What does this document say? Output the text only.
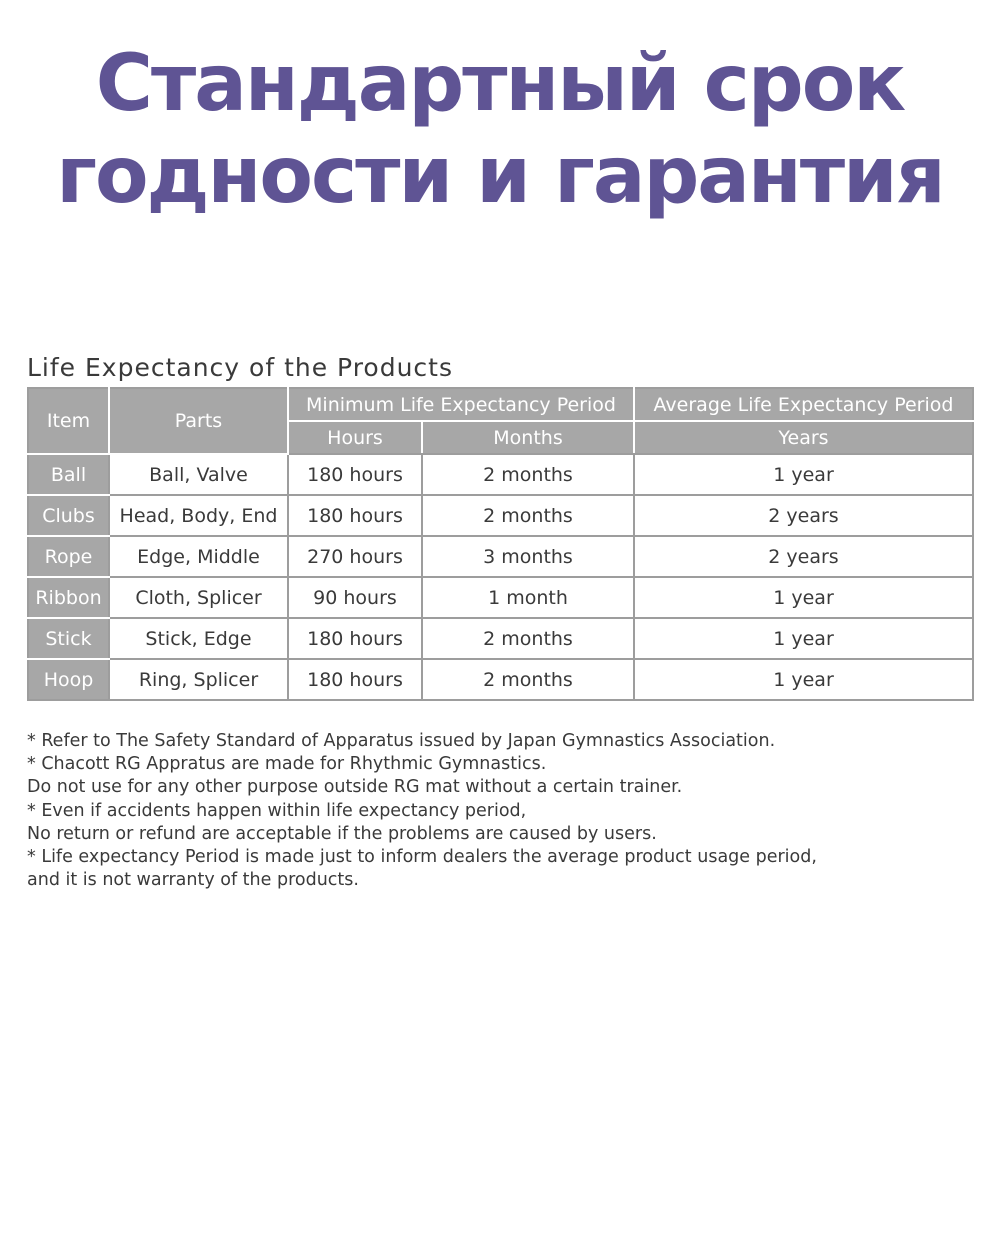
Стандартный срок
годности и гарантия
Life Expectancy of the Products
Item	Parts	Minimum Life Expectancy Period		Average Life Expectancy Period
		Hours	Months	Years
Ball	Ball, Valve	180 hours	2 months	1 year
Clubs	Head, Body, End	180 hours	2 months	2 years
Rope	Edge, Middle	270 hours	3 months	2 years
Ribbon	Cloth, Splicer	90 hours	1 month	1 year
Stick	Stick, Edge	180 hours	2 months	1 year
Hoop	Ring, Splicer	180 hours	2 months	1 year
* Refer to The Safety Standard of Apparatus issued by Japan Gymnastics Association.
* Chacott RG Appratus are made for Rhythmic Gymnastics.
Do not use for any other purpose outside RG mat without a certain trainer.
* Even if accidents happen within life expectancy period,
No return or refund are acceptable if the problems are caused by users.
* Life expectancy Period is made just to inform dealers the average product usage period,
and it is not warranty of the products.
